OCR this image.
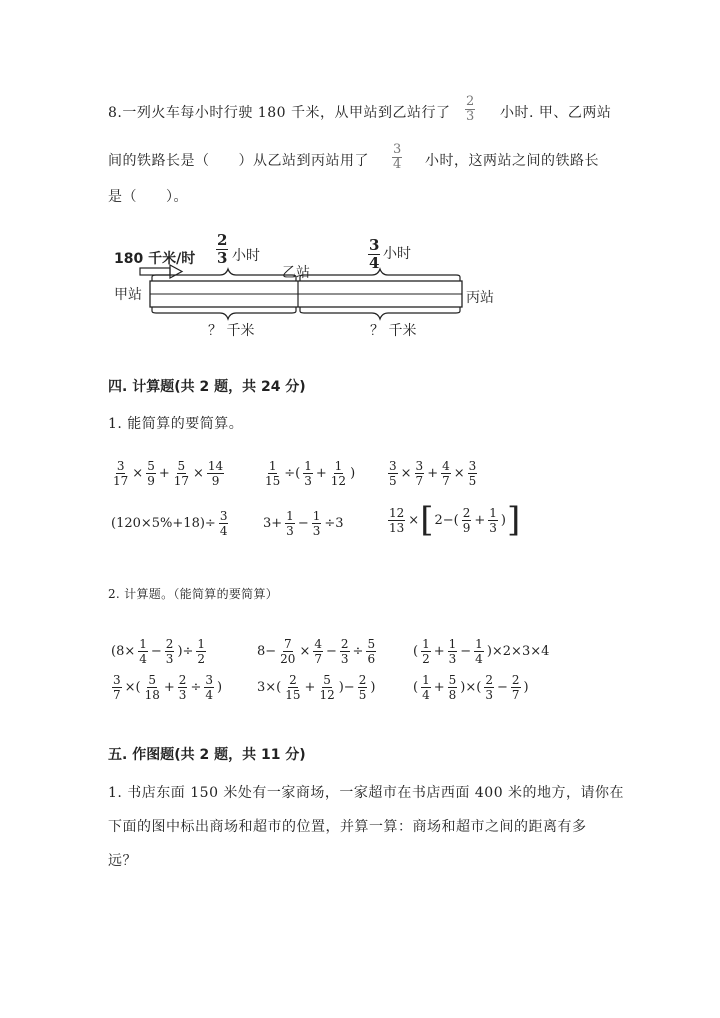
8.一列火车每小时行驶 180 千米，从甲站到乙站行了 $\frac{2}{3}$ 小时. 甲、乙两站
间的铁路长是（　　）从乙站到丙站用了 $\frac{3}{4}$ 小时，这两站之间的铁路长
是（　　）。
180 千米/时 $\frac{2}{3}$ 小时	$\frac{3}{4}$ 小时
甲站
乙站
丙站
？ 千米	？ 千米
四. 计算题(共 2 题，共 24 分)
1. 能简算的要简算。
$\frac{3}{17} \times \frac{5}{9} + \frac{5}{17} \times \frac{14}{9}$	$\frac{1}{15}$ ÷( $\frac{1}{3} + \frac{1}{12}$ )	$\frac{3}{5} \times \frac{3}{7} + \frac{4}{7} \times \frac{3}{5}$
$(120\times 5\%+18)\div \frac{3}{4}$	$3+ \frac{1}{3} - \frac{1}{3} \div 3$	$\frac{12}{13} \times[2-( \frac{2}{9} + \frac{1}{3}$ )]
2. 计算题。（能简算的要简算）
($8\times \frac{1}{4} - \frac{2}{3}$ )÷ $\frac{1}{2}$	$8- \frac{7}{20} \times \frac{4}{7} - \frac{2}{3} \div \frac{5}{6}$	( $\frac{1}{2} + \frac{1}{3} - \frac{1}{4} )\times 2\times 3\times 4$
$\frac{3}{7}$ ×( $\frac{5}{18} + \frac{2}{3} \div \frac{3}{4}$ )	$3\times( \frac{2}{15} + \frac{5}{12}$ )− $\frac{2}{5}$ )	( $\frac{1}{4} + \frac{5}{8}$ )×( $\frac{2}{3} - \frac{2}{7}$ )
五. 作图题(共 2 题，共 11 分)
1. 书店东面 150 米处有一家商场，一家超市在书店西面 400 米的地方，请你在
下面的图中标出商场和超市的位置，并算一算：商场和超市之间的距离有多
远？
